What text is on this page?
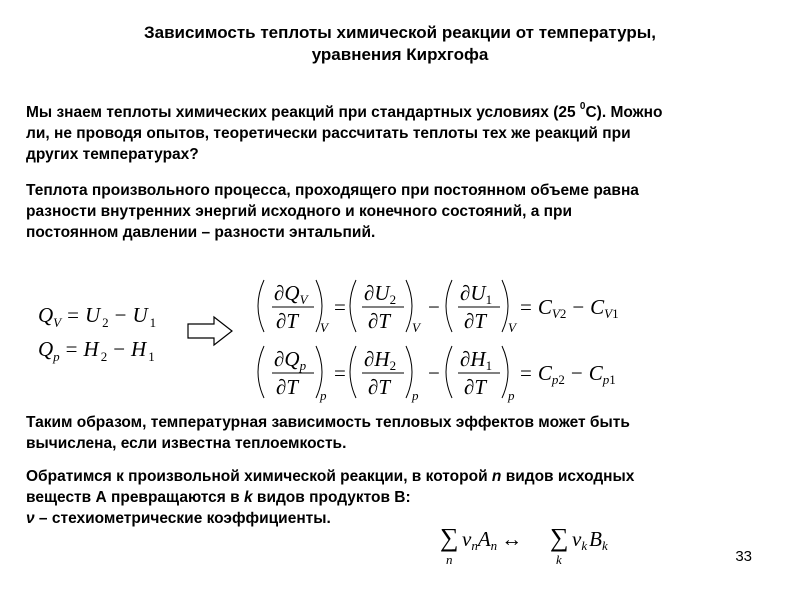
Зависимость теплоты химической реакции от температуры,
уравнения Кирхгофа
Мы знаем теплоты химических реакций при стандартных условиях (25 $^0$С). Можно
ли, не проводя опытов, теоретически рассчитать теплоты тех же реакций при
других температурах?
Теплота произвольного процесса, проходящего при постоянном объеме равна
разности внутренних энергий исходного и конечного состояний, а при
постоянном давлении – разности энтальпий.
$Q_V = U$ $_2$ − U $_1$
$Q_p = H$ $_2$ − H $_1$
$\partial Q_V$
∂T V
=
$\partial U_2$
∂T V
−
$\partial U_1$
∂T V
= $C_V2 - C_V1$
$\partial Q_p$
∂T p
=
$\partial H_2$
∂T p
−
$\partial H_1$
∂T p
= $C_p2 - C_p1$
∑
n
$\nu_nA_n$ ↔ ∑
k
$\nu_kB_k$
Таким образом, температурная зависимость тепловых эффектов может быть
вычислена, если известна теплоемкость.
Обратимся к произвольной химической реакции, в которой n видов исходных
веществ А превращаются в k видов продуктов В:
ν – стехиометрические коэффициенты.
33
